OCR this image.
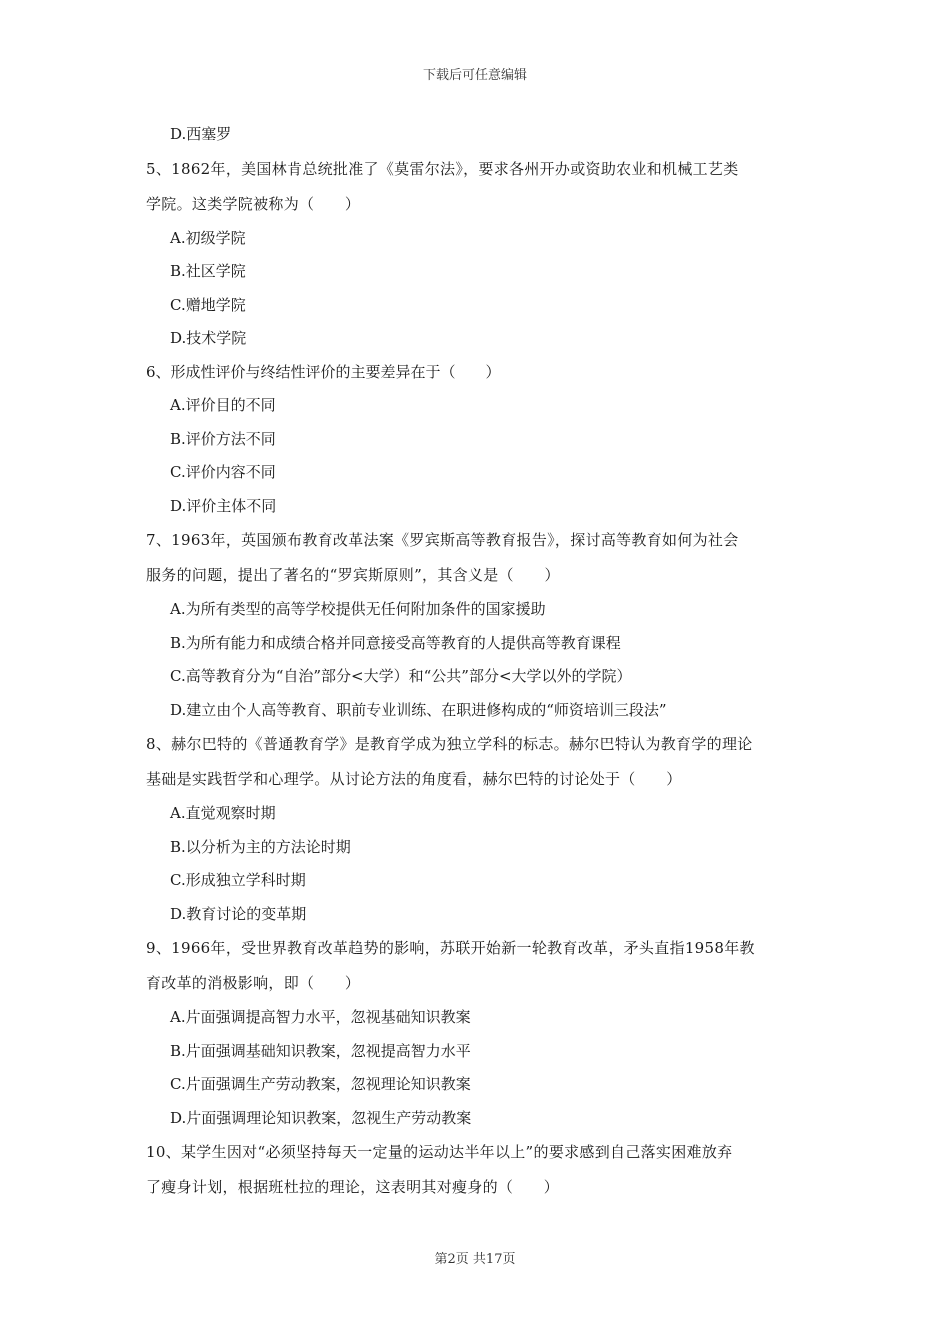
下载后可任意编辑
D.西塞罗
5、1862年，美国林肯总统批准了《莫雷尔法》，要求各州开办或资助农业和机械工艺类
学院。这类学院被称为（　　）
A.初级学院
B.社区学院
C.赠地学院
D.技术学院
6、形成性评价与终结性评价的主要差异在于（　　）
A.评价目的不同
B.评价方法不同
C.评价内容不同
D.评价主体不同
7、1963年，英国颁布教育改革法案《罗宾斯高等教育报告》，探讨高等教育如何为社会
服务的问题，提出了著名的“罗宾斯原则”，其含义是（　　）
A.为所有类型的高等学校提供无任何附加条件的国家援助
B.为所有能力和成绩合格并同意接受高等教育的人提供高等教育课程
C.高等教育分为“自治”部分<大学）和“公共”部分<大学以外的学院）
D.建立由个人高等教育、职前专业训练、在职进修构成的“师资培训三段法”
8、赫尔巴特的《普通教育学》是教育学成为独立学科的标志。赫尔巴特认为教育学的理论
基础是实践哲学和心理学。从讨论方法的角度看，赫尔巴特的讨论处于（　　）
A.直觉观察时期
B.以分析为主的方法论时期
C.形成独立学科时期
D.教育讨论的变革期
9、1966年，受世界教育改革趋势的影响，苏联开始新一轮教育改革，矛头直指1958年教
育改革的消极影响，即（　　）
A.片面强调提高智力水平，忽视基础知识教案
B.片面强调基础知识教案，忽视提高智力水平
C.片面强调生产劳动教案，忽视理论知识教案
D.片面强调理论知识教案，忽视生产劳动教案
10、某学生因对“必须坚持每天一定量的运动达半年以上”的要求感到自己落实困难放弃
了瘦身计划，根据班杜拉的理论，这表明其对瘦身的（　　）
第2页 共17页
